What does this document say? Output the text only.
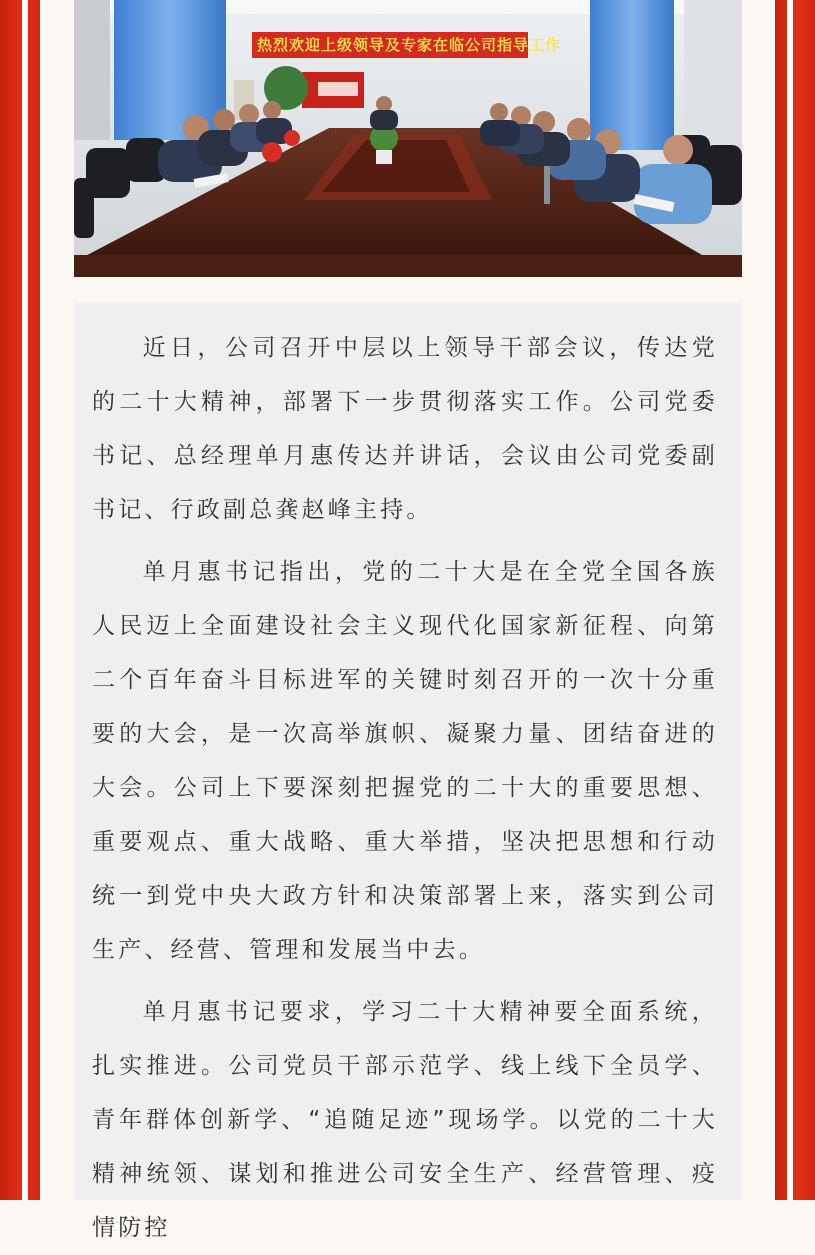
热烈欢迎上级领导及专家在临公司指导工作

近日，公司召开中层以上领导干部会议，传达党的二十大精神，部署下一步贯彻落实工作。公司党委书记、总经理单月惠传达并讲话，会议由公司党委副书记、行政副总龚赵峰主持。

单月惠书记指出，党的二十大是在全党全国各族人民迈上全面建设社会主义现代化国家新征程、向第二个百年奋斗目标进军的关键时刻召开的一次十分重要的大会，是一次高举旗帜、凝聚力量、团结奋进的大会。公司上下要深刻把握党的二十大的重要思想、重要观点、重大战略、重大举措，坚决把思想和行动统一到党中央大政方针和决策部署上来，落实到公司生产、经营、管理和发展当中去。

单月惠书记要求，学习二十大精神要全面系统，扎实推进。公司党员干部示范学、线上线下全员学、青年群体创新学、“追随足迹”现场学。以党的二十大精神统领、谋划和推进公司安全生产、经营管理、疫情防控
